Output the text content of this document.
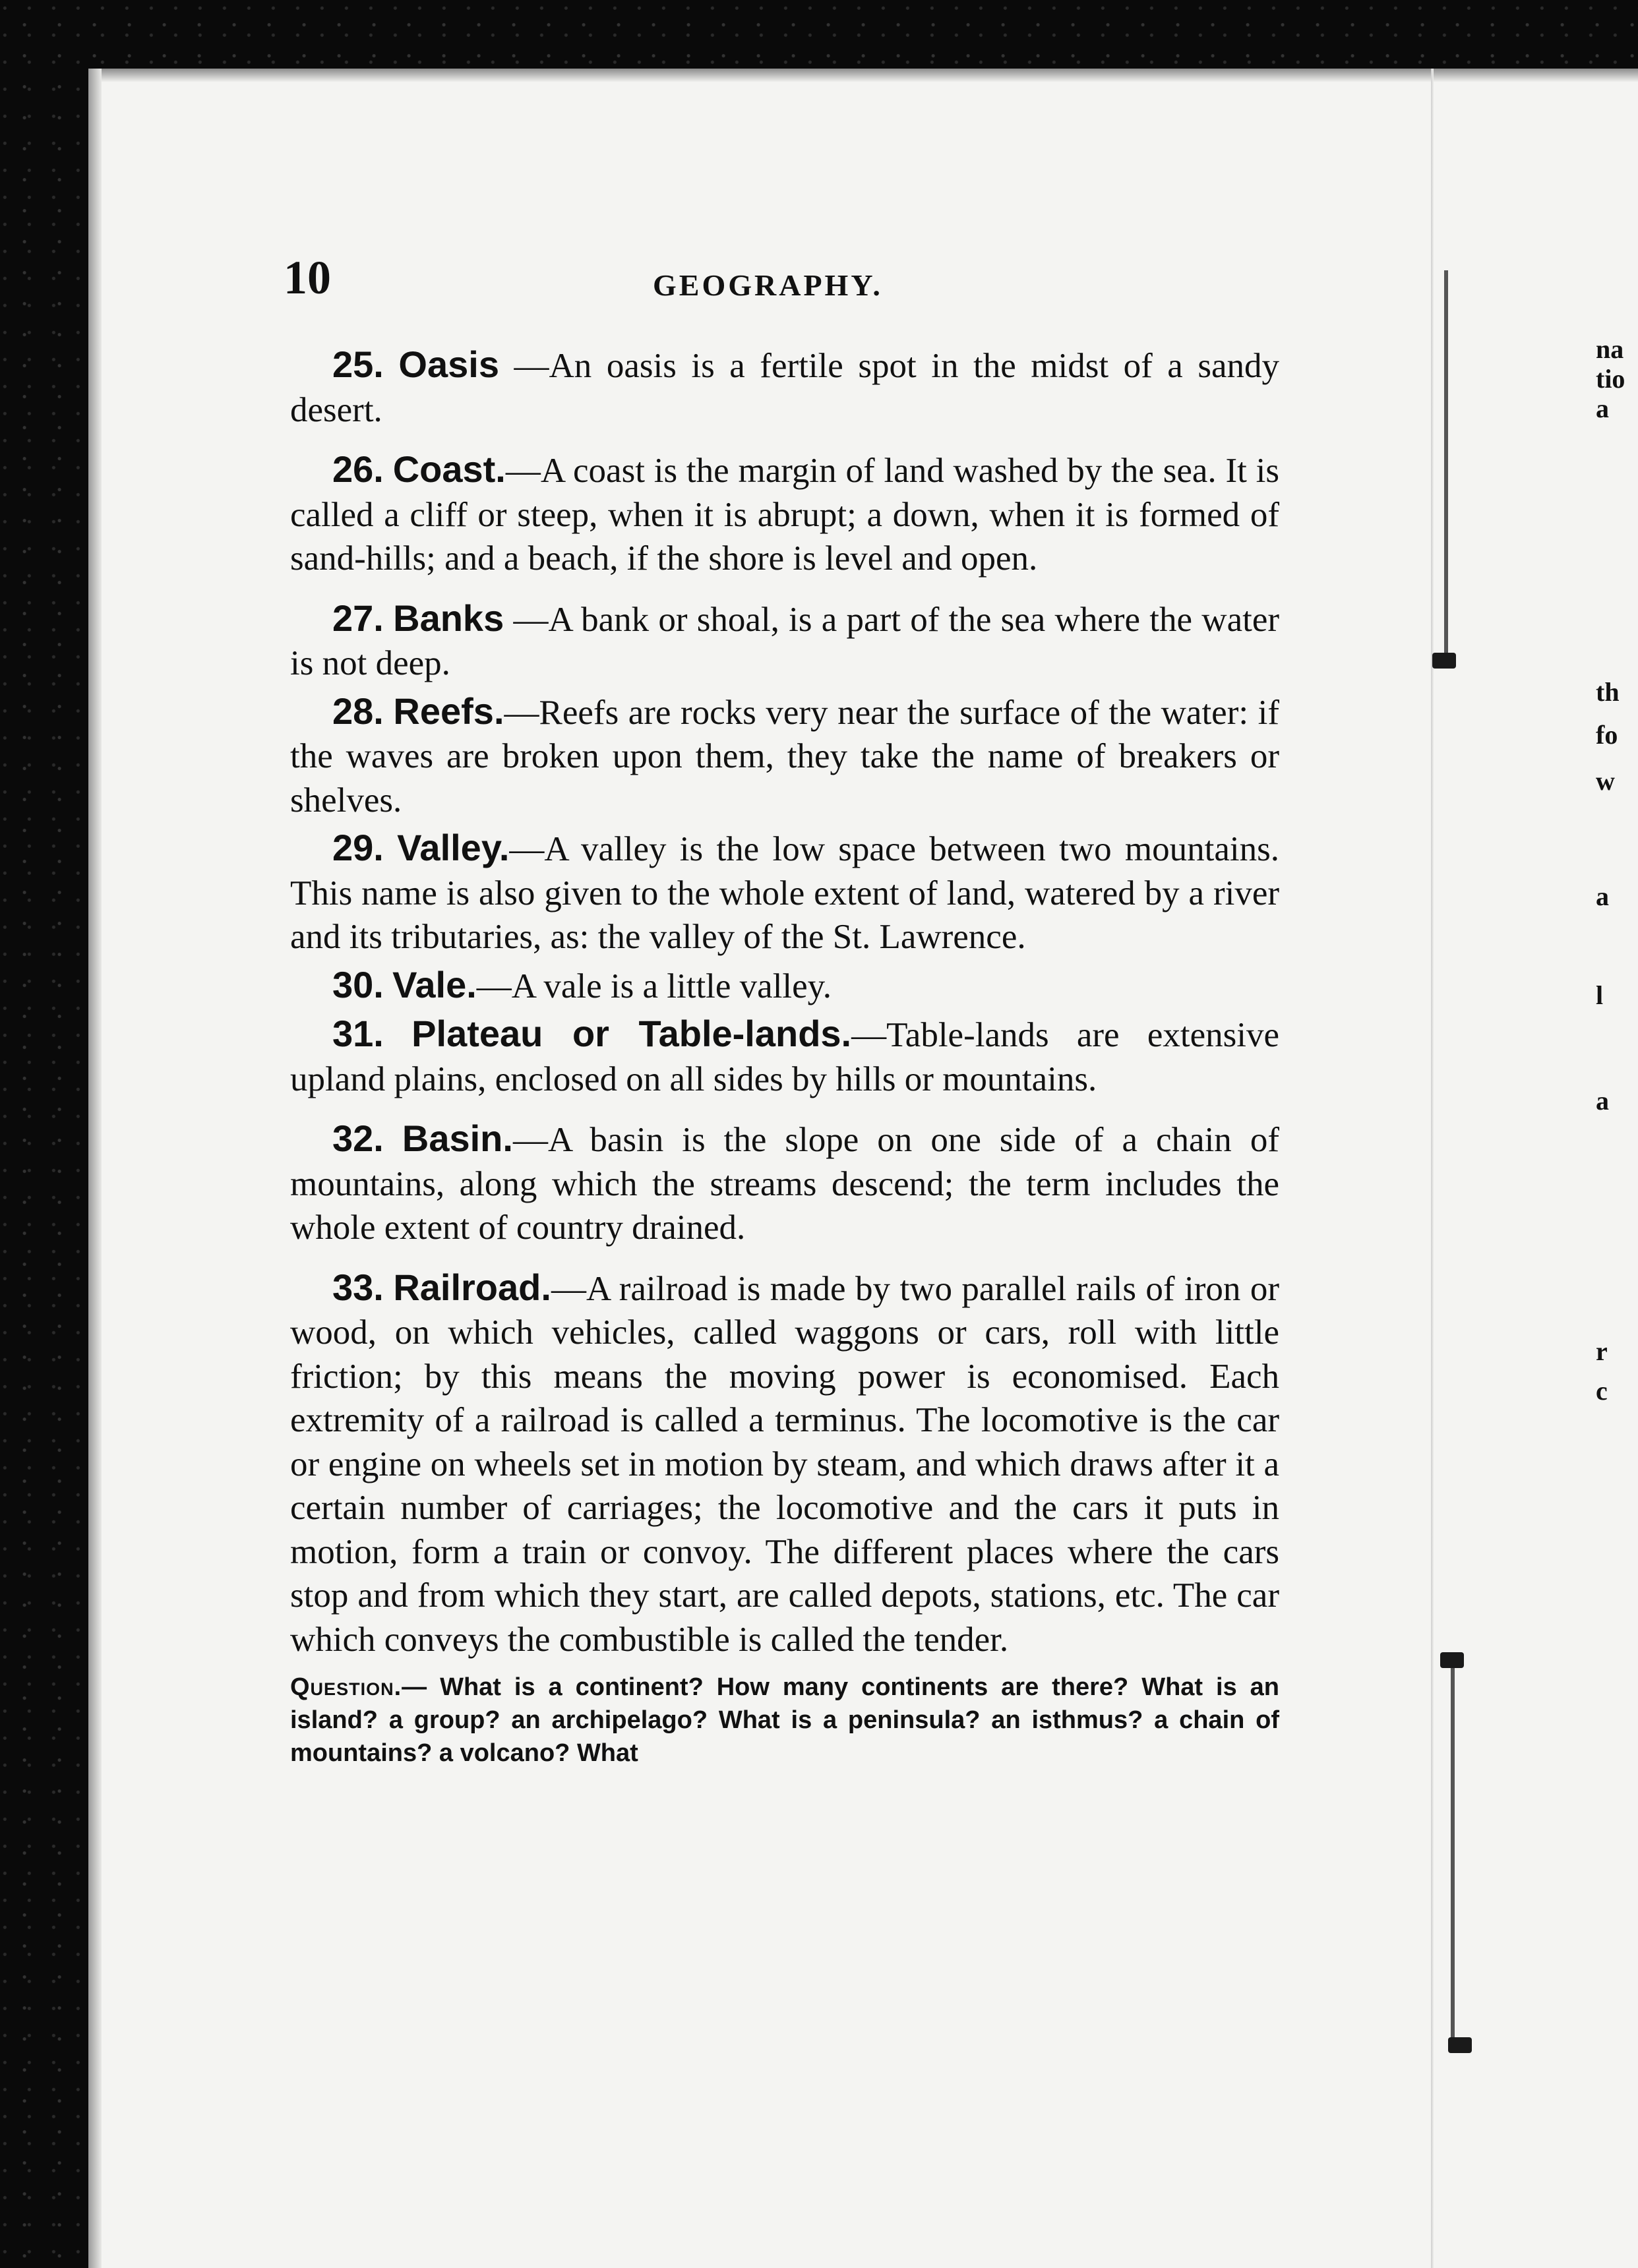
10	GEOGRAPHY.

25. Oasis —An oasis is a fertile spot in the midst of a sandy desert.

26. Coast.—A coast is the margin of land washed by the sea. It is called a cliff or steep, when it is abrupt; a down, when it is formed of sand-hills; and a beach, if the shore is level and open.

27. Banks —A bank or shoal, is a part of the sea where the water is not deep.

28. Reefs.—Reefs are rocks very near the surface of the water: if the waves are broken upon them, they take the name of breakers or shelves.

29. Valley.—A valley is the low space between two mountains. This name is also given to the whole extent of land, watered by a river and its tributaries, as: the valley of the St. Lawrence.

30. Vale.—A vale is a little valley.

31. Plateau or Table-lands.—Table-lands are extensive upland plains, enclosed on all sides by hills or mountains.

32. Basin.—A basin is the slope on one side of a chain of mountains, along which the streams descend; the term includes the whole extent of country drained.

33. Railroad.—A railroad is made by two parallel rails of iron or wood, on which vehicles, called waggons or cars, roll with little friction; by this means the moving power is economised. Each extremity of a railroad is called a terminus. The locomotive is the car or engine on wheels set in motion by steam, and which draws after it a certain number of carriages; the locomotive and the cars it puts in motion, form a train or convoy. The different places where the cars stop and from which they start, are called depots, stations, etc. The car which conveys the combustible is called the tender.

Question.— What is a continent? How many continents are there? What is an island? a group? an archipelago? What is a peninsula? an isthmus? a chain of mountains? a volcano? What
na
tio
a
th
fo
w
a
l
a
r
c
